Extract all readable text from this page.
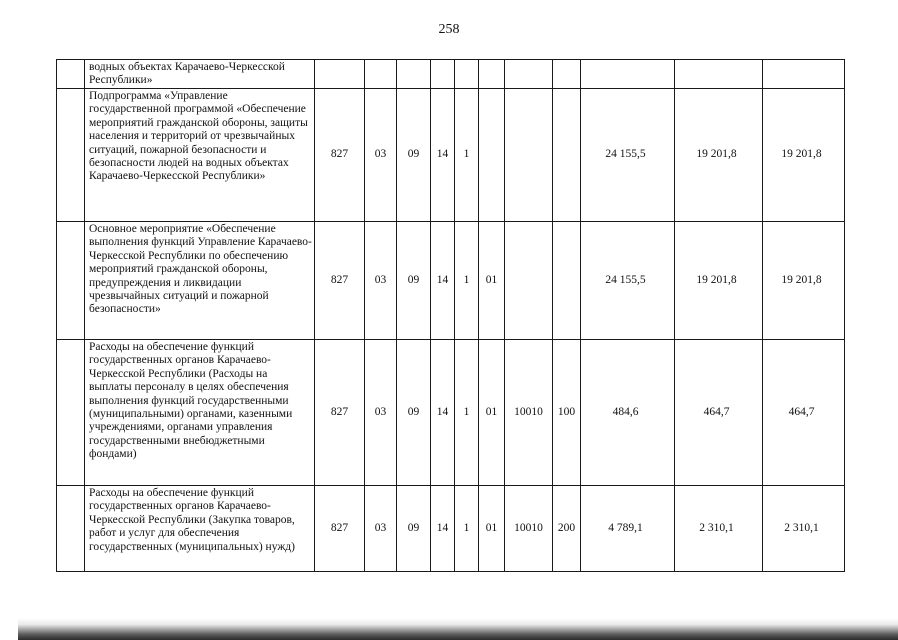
258
	водных объектах Карачаево-Черкесской Республики»											
	Подпрограмма «Управление государственной программой «Обеспечение мероприятий гражданской обороны, защиты населения и территорий от чрезвычайных ситуаций, пожарной безопасности и безопасности людей на водных объектах Карачаево-Черкесской Республики»	827	03	09	14	1				24 155,5	19 201,8	19 201,8
	Основное мероприятие «Обеспечение выполнения функций Управление Карачаево-Черкесской Республики по обеспечению мероприятий гражданской обороны, предупреждения и ликвидации чрезвычайных ситуаций и пожарной безопасности»	827	03	09	14	1	01			24 155,5	19 201,8	19 201,8
	Расходы на обеспечение функций государственных органов Карачаево-Черкесской Республики (Расходы на выплаты персоналу в целях обеспечения выполнения функций государственными (муниципальными) органами, казенными учреждениями, органами управления государственными внебюджетными фондами)	827	03	09	14	1	01	10010	100	484,6	464,7	464,7
	Расходы на обеспечение функций государственных органов Карачаево-Черкесской Республики (Закупка товаров, работ и услуг для обеспечения государственных (муниципальных) нужд)	827	03	09	14	1	01	10010	200	4 789,1	2 310,1	2 310,1
